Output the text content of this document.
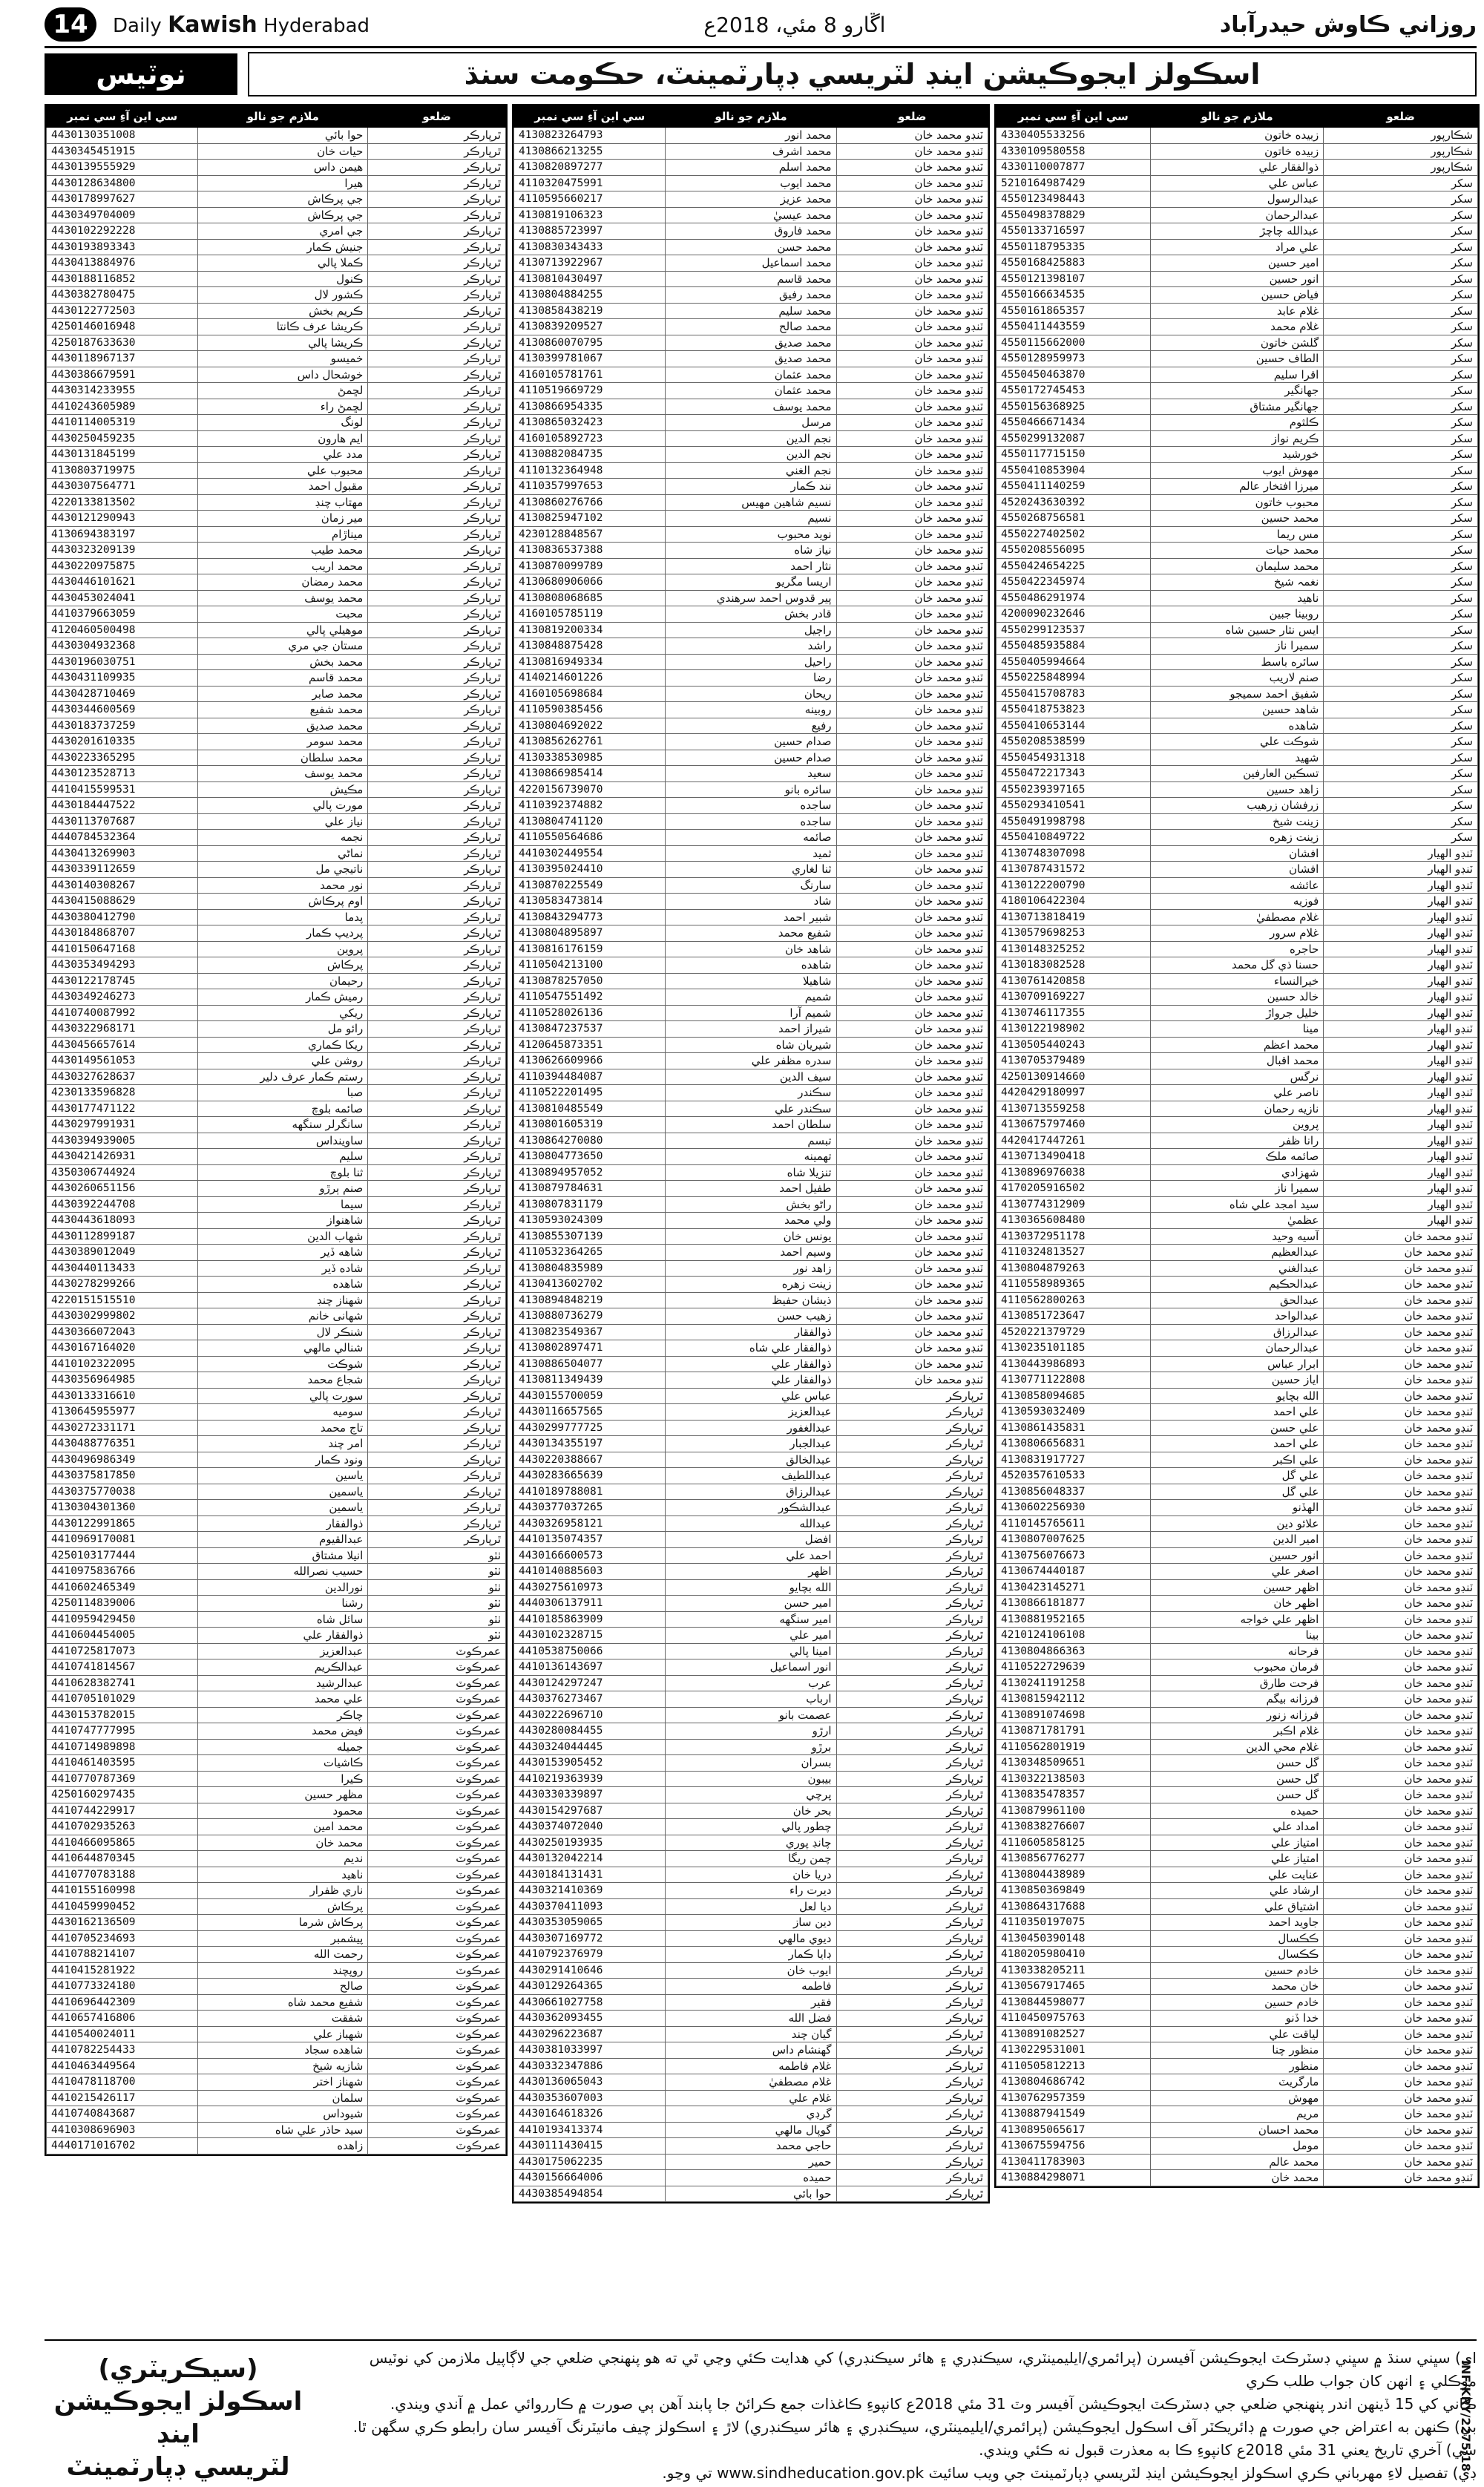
14	Daily Kawish Hyderabad	اڱارو 8 مئي، 2018ع	روزاني ڪاوش حيدرآباد
نوٽيس	اسڪولز ايجوڪيشن اينڊ لٽريسي ڊپارٽمينٽ، حڪومت سنڌ
سي اين آءِ سي نمبر	ملازم جو نالو	ضلعو
4330405533256	زبيده خاتون	شڪارپور
4330109580558	زبيده خاتون	شڪارپور
4330110007877	ذوالفقار علي	شڪارپور
5210164987429	عباس علي	سکر
4550123498443	عبدالرسول	سکر
4550498378829	عبدالرحمان	سکر
4550133716597	عبدالله چاچڙ	سکر
4550118795335	علي مراد	سکر
4550168425883	امير حسين	سکر
4550121398107	انور حسين	سکر
4550166634535	فياض حسين	سکر
4550161865357	غلام عابد	سکر
4550411443559	غلام محمد	سکر
4550115662000	گلشن خاتون	سکر
4550128959973	الطاف حسين	سکر
4550450463870	اقرا سليم	سکر
4550172745453	جهانگير	سکر
4550156368925	جهانگير مشتاق	سکر
4550466671434	ڪلثوم	سکر
4550299132087	ڪريم نواز	سکر
4550117715150	خورشيد	سکر
4550410853904	مهوش ايوب	سکر
4550411140259	ميرزا افتخار عالم	سکر
4520243630392	محبوب خاتون	سکر
4550268756581	محمد حسين	سکر
4550227402502	مس ريما	سکر
4550208556095	محمد حيات	سکر
4550424654225	محمد سليمان	سکر
4550422345974	نغمہ شيخ	سکر
4550486291974	ناهيد	سکر
4200090232646	روبينا جبين	سکر
4550299123537	ايس نثار حسين شاه	سکر
4550485935884	سميرا ناز	سکر
4550405994664	سائره باسط	سکر
4550225848994	صنم لاريب	سکر
4550415708783	شفيق احمد سميجو	سکر
4550418753823	شاهد حسين	سکر
4550410653144	شاهده	سکر
4550208538599	شوڪت علي	سکر
4550454931318	شهيد	سکر
4550472217343	تسڪين العارفين	سکر
4550239397165	زاهد حسين	سکر
4550293410541	زرفشان زرهيب	سکر
4550491998798	زينت شيخ	سکر
4550410849722	زينت زهره	سکر
4130748307098	افشان	ٽنڊو الهيار
4130787431572	افشان	ٽنڊو الهيار
4130122200790	عائشه	ٽنڊو الهيار
4180106422304	فوزيه	ٽنڊو الهيار
4130713818419	غلام مصطفيٰ	ٽنڊو الهيار
4130579698253	غلام سرور	ٽنڊو الهيار
4130148325252	حاجره	ٽنڊو الهيار
4130183082528	حسنا ذي گل محمد	ٽنڊو الهيار
4130761420858	خيرالنساء	ٽنڊو الهيار
4130709169227	خالد حسين	ٽنڊو الهيار
4130746117355	خليل جرواڙ	ٽنڊو الهيار
4130122198902	مينا	ٽنڊو الهيار
4130505440243	محمد اعظم	ٽنڊو الهيار
4130705379489	محمد اقبال	ٽنڊو الهيار
4250130914660	نرگس	ٽنڊو الهيار
4420429180997	ناصر علي	ٽنڊو الهيار
4130713559258	نازيه رحمان	ٽنڊو الهيار
4130675797460	پروين	ٽنڊو الهيار
4420417447261	رانا ظفر	ٽنڊو الهيار
4130713490418	صائمه ملڪ	ٽنڊو الهيار
4130896976038	شهزادي	ٽنڊو الهيار
4170205916502	سميرا ناز	ٽنڊو الهيار
4130774312909	سيد امجد علي شاه	ٽنڊو الهيار
4130365608480	عظميٰ	ٽنڊو الهيار
4130372951178	آسيه وحيد	ٽنڊو محمد خان
4110324813527	عبدالعظيم	ٽنڊو محمد خان
4130804879263	عبدالغني	ٽنڊو محمد خان
4110558989365	عبدالحڪيم	ٽنڊو محمد خان
4110562800263	عبدالحق	ٽنڊو محمد خان
4130851723647	عبدالواحد	ٽنڊو محمد خان
4520221379729	عبدالرزاق	ٽنڊو محمد خان
4130235101185	عبدالرحمان	ٽنڊو محمد خان
4130443986893	ابرار عباس	ٽنڊو محمد خان
4130771122808	اياز حسين	ٽنڊو محمد خان
4130858094685	الله بچايو	ٽنڊو محمد خان
4130593032409	علي احمد	ٽنڊو محمد خان
4130861435831	علي حسن	ٽنڊو محمد خان
4130806656831	علي احمد	ٽنڊو محمد خان
4130831917727	علي اڪبر	ٽنڊو محمد خان
4520357610533	علي گل	ٽنڊو محمد خان
4130856048337	علي گل	ٽنڊو محمد خان
4130602256930	الهڏنو	ٽنڊو محمد خان
4110145765611	علائو دين	ٽنڊو محمد خان
4130807007625	امير الدين	ٽنڊو محمد خان
4130756076673	انور حسين	ٽنڊو محمد خان
4130674440187	اصغر علي	ٽنڊو محمد خان
4130423145271	اظهر حسين	ٽنڊو محمد خان
4130866181877	اظهر خان	ٽنڊو محمد خان
4130881952165	اظهر علي خواجه	ٽنڊو محمد خان
4210124106108	بينا	ٽنڊو محمد خان
4130804866363	فرحانه	ٽنڊو محمد خان
4110522729639	فرمان محبوب	ٽنڊو محمد خان
4130241191258	فرحت طارق	ٽنڊو محمد خان
4130815942112	فرزانه بيگم	ٽنڊو محمد خان
4130891074698	فرزانه زنور	ٽنڊو محمد خان
4130871781791	غلام اڪبر	ٽنڊو محمد خان
4110562801919	غلام محي الدين	ٽنڊو محمد خان
4130348509651	گل حسن	ٽنڊو محمد خان
4130322138503	گل حسن	ٽنڊو محمد خان
4130835478357	گل حسن	ٽنڊو محمد خان
4130879961100	حميده	ٽنڊو محمد خان
4130838276607	امداد علي	ٽنڊو محمد خان
4110605858125	امتياز علي	ٽنڊو محمد خان
4130856776277	امتياز علي	ٽنڊو محمد خان
4130804438989	عنايت علي	ٽنڊو محمد خان
4130850369849	ارشاد علي	ٽنڊو محمد خان
4130864317688	اشتياق علي	ٽنڊو محمد خان
4110350197075	جاويد احمد	ٽنڊو محمد خان
4130450390148	ڪڪسال	ٽنڊو محمد خان
4180205980410	ڪڪسال	ٽنڊو محمد خان
4130338205211	خادم حسين	ٽنڊو محمد خان
4130567917465	خان محمد	ٽنڊو محمد خان
4130844598077	خادم حسين	ٽنڊو محمد خان
4110450975763	خدا ڏنو	ٽنڊو محمد خان
4130891082527	لياقت علي	ٽنڊو محمد خان
4130229531001	منظور چنا	ٽنڊو محمد خان
4110505812213	منظور	ٽنڊو محمد خان
4130804686742	مارگريٽ	ٽنڊو محمد خان
4130762957359	مهوش	ٽنڊو محمد خان
4130887941549	مريم	ٽنڊو محمد خان
4130895065617	محمد احسان	ٽنڊو محمد خان
4130675594756	مومل	ٽنڊو محمد خان
4130411783903	محمد عالم	ٽنڊو محمد خان
4130884298071	محمد خان	ٽنڊو محمد خان
سي اين آءِ سي نمبر	ملازم جو نالو	ضلعو
4130823264793	محمد انور	ٽنڊو محمد خان
4130866213255	محمد اشرف	ٽنڊو محمد خان
4130820897277	محمد اسلم	ٽنڊو محمد خان
4110320475991	محمد ايوب	ٽنڊو محمد خان
4110595660217	محمد عزيز	ٽنڊو محمد خان
4130819106323	محمد عيسيٰ	ٽنڊو محمد خان
4130885723997	محمد فاروق	ٽنڊو محمد خان
4130830343433	محمد حسن	ٽنڊو محمد خان
4130713922967	محمد اسماعيل	ٽنڊو محمد خان
4130810430497	محمد قاسم	ٽنڊو محمد خان
4130804884255	محمد رفيق	ٽنڊو محمد خان
4130858438219	محمد سليم	ٽنڊو محمد خان
4130839209527	محمد صالح	ٽنڊو محمد خان
4130860070795	محمد صديق	ٽنڊو محمد خان
4130399781067	محمد صديق	ٽنڊو محمد خان
4160105781761	محمد عثمان	ٽنڊو محمد خان
4110519669729	محمد عثمان	ٽنڊو محمد خان
4130866954335	محمد يوسف	ٽنڊو محمد خان
4130865032423	مرسل	ٽنڊو محمد خان
4160105892723	نجم الدين	ٽنڊو محمد خان
4130882084735	نجم الدين	ٽنڊو محمد خان
4110132364948	نجم الغني	ٽنڊو محمد خان
4110357997653	نند ڪمار	ٽنڊو محمد خان
4130860276766	نسيم شاهين مهيس	ٽنڊو محمد خان
4130825947102	نسيم	ٽنڊو محمد خان
4230128848567	نويد محبوب	ٽنڊو محمد خان
4130836537388	نياز شاه	ٽنڊو محمد خان
4130870099789	نثار احمد	ٽنڊو محمد خان
4130680906066	اريسا مگريو	ٽنڊو محمد خان
4130808068685	پير قدوس احمد سرهندي	ٽنڊو محمد خان
4160105785119	قادر بخش	ٽنڊو محمد خان
4130819200334	راڄيل	ٽنڊو محمد خان
4130848875428	راشد	ٽنڊو محمد خان
4130816949334	راحيل	ٽنڊو محمد خان
4140214601226	رضا	ٽنڊو محمد خان
4160105698684	ريحان	ٽنڊو محمد خان
4110590385456	روبينه	ٽنڊو محمد خان
4130804692022	رفيع	ٽنڊو محمد خان
4130856262761	صدام حسين	ٽنڊو محمد خان
4130338530985	صدام حسين	ٽنڊو محمد خان
4130866985414	سعيد	ٽنڊو محمد خان
4220156739070	سائره بانو	ٽنڊو محمد خان
4110392374882	ساجده	ٽنڊو محمد خان
4130804741120	ساجده	ٽنڊو محمد خان
4110550564686	صائمه	ٽنڊو محمد خان
4410302449554	ثميد	ٽنڊو محمد خان
4130395024410	ثنا لغاري	ٽنڊو محمد خان
4130870225549	سارنگ	ٽنڊو محمد خان
4130583473814	شاد	ٽنڊو محمد خان
4130843294773	شبير احمد	ٽنڊو محمد خان
4130804895897	شفيع محمد	ٽنڊو محمد خان
4130816176159	شاهد خان	ٽنڊو محمد خان
4110504213100	شاهده	ٽنڊو محمد خان
4130878257050	شاهيلا	ٽنڊو محمد خان
4110547551492	شميم	ٽنڊو محمد خان
4110528026136	شميم آرا	ٽنڊو محمد خان
4130847237537	شيراز احمد	ٽنڊو محمد خان
4120645873351	شيريان شاه	ٽنڊو محمد خان
4130626609966	سدره مظفر علي	ٽنڊو محمد خان
4110394484087	سيف الدين	ٽنڊو محمد خان
4110522201495	سڪندر	ٽنڊو محمد خان
4130810485549	سڪندر علي	ٽنڊو محمد خان
4130801605319	سلطان احمد	ٽنڊو محمد خان
4130864270080	تبسم	ٽنڊو محمد خان
4130804773650	تهمينه	ٽنڊو محمد خان
4130894957052	تنزيلا شاه	ٽنڊو محمد خان
4130879784631	طفيل احمد	ٽنڊو محمد خان
4130807831179	راڻو بخش	ٽنڊو محمد خان
4130593024309	ولي محمد	ٽنڊو محمد خان
4130855307139	يونس خان	ٽنڊو محمد خان
4110532364265	وسيم احمد	ٽنڊو محمد خان
4130804835989	زاهد نور	ٽنڊو محمد خان
4130413602702	زينت زهره	ٽنڊو محمد خان
4130894848219	ذيشان حفيظ	ٽنڊو محمد خان
4130880736279	زهيب حسن	ٽنڊو محمد خان
4130823549367	ذوالفقار	ٽنڊو محمد خان
4130802897471	ذوالفقار علي شاه	ٽنڊو محمد خان
4130886504077	ذوالفقار علي	ٽنڊو محمد خان
4130811349439	ذوالفقار علي	ٽنڊو محمد خان
4430155700059	عباس علي	ٿرپارڪر
4430116657565	عبدالعزيز	ٿرپارڪر
4430299777725	عبدالغفور	ٿرپارڪر
4430134355197	عبدالجبار	ٿرپارڪر
4430220388667	عبدالخالق	ٿرپارڪر
4430283665639	عبداللطيف	ٿرپارڪر
4410189788081	عبدالرزاق	ٿرپارڪر
4430377037265	عبدالشڪور	ٿرپارڪر
4430326958121	عبدالله	ٿرپارڪر
4410135074357	افضل	ٿرپارڪر
4430166600573	احمد علي	ٿرپارڪر
4410140885603	اظهر	ٿرپارڪر
4430275610973	الله بچايو	ٿرپارڪر
4440306137911	امير حسن	ٿرپارڪر
4410185863909	امير سنگهه	ٿرپارڪر
4430102328715	امير علي	ٿرپارڪر
4410538750066	امينا پالي	ٿرپارڪر
4410136143697	انور اسماعيل	ٿرپارڪر
4430124297247	عرب	ٿرپارڪر
4430376273467	ارباب	ٿرپارڪر
4430222696710	عصمت بانو	ٿرپارڪر
4430280084455	ارڙو	ٿرپارڪر
4430324044445	برڙو	ٿرپارڪر
4430153905452	بسران	ٿرپارڪر
4410219363939	بيبون	ٿرپارڪر
4430330339897	پرچي	ٿرپارڪر
4430154297687	بحر خان	ٿرپارڪر
4430374072040	چطور پالي	ٿرپارڪر
4430250193935	چانڊ پوري	ٿرپارڪر
4430132042214	چمن ريگا	ٿرپارڪر
4430184131431	دريا خان	ٿرپارڪر
4430321410369	ديرت راء	ٿرپارڪر
4430370411093	ديا لعل	ٿرپارڪر
4430353059065	دين ساز	ٿرپارڪر
4430307169772	ديوي مالهي	ٿرپارڪر
4410792376979	ڊايا ڪمار	ٿرپارڪر
4430291410646	ايوب خان	ٿرپارڪر
4430129264365	فاطمه	ٿرپارڪر
4430661027758	فقير	ٿرپارڪر
4430362093455	فضل الله	ٿرپارڪر
4430296223687	گيان چند	ٿرپارڪر
4430381033997	گهنشام داس	ٿرپارڪر
4430332347886	غلام فاطمه	ٿرپارڪر
4430136065043	غلام مصطفيٰ	ٿرپارڪر
4430353607003	غلام علي	ٿرپارڪر
4430164618326	گرڊي	ٿرپارڪر
4410193413374	گوپال مالهي	ٿرپارڪر
4430111430415	حاجي محمد	ٿرپارڪر
4430175062235	حمير	ٿرپارڪر
4430156664006	حميده	ٿرپارڪر
4430385494854	حوا بائي	ٿرپارڪر
سي اين آءِ سي نمبر	ملازم جو نالو	ضلعو
4430130351008	حوا بائي	ٿرپارڪر
4430345451915	حيات خان	ٿرپارڪر
4430139555929	هيمن داس	ٿرپارڪر
4430128634800	هيرا	ٿرپارڪر
4430178997627	جي پرڪاش	ٿرپارڪر
4430349704009	جي پرڪاش	ٿرپارڪر
4430102292228	جي امري	ٿرپارڪر
4430193893343	جنيش ڪمار	ٿرپارڪر
4430413884976	ڪملا پالي	ٿرپارڪر
4430188116852	ڪنول	ٿرپارڪر
4430382780475	ڪشور لال	ٿرپارڪر
4430122772503	ڪريم بخش	ٿرپارڪر
4250146016948	ڪريشا عرف ڪانتا	ٿرپارڪر
4250187633630	ڪريشا پالي	ٿرپارڪر
4430118967137	خميسو	ٿرپارڪر
4430386679591	خوشحال داس	ٿرپارڪر
4430314233955	لڇمڻ	ٿرپارڪر
4410243605989	لڇمڻ راء	ٿرپارڪر
4410114005319	لونگ	ٿرپارڪر
4430250459235	ايم هارون	ٿرپارڪر
4430131845199	مدد علي	ٿرپارڪر
4130803719975	محبوب علي	ٿرپارڪر
4430307564771	مقبول احمد	ٿرپارڪر
4220133813502	مهتاب چنڊ	ٿرپارڪر
4430121290943	مير زمان	ٿرپارڪر
4130694383197	ميناڙام	ٿرپارڪر
4430323209139	محمد طيب	ٿرپارڪر
4430220975875	محمد اريب	ٿرپارڪر
4430446101621	محمد رمضان	ٿرپارڪر
4430453024041	محمد يوسف	ٿرپارڪر
4410379663059	محبت	ٿرپارڪر
4120460500498	موهيلي پالي	ٿرپارڪر
4430304932368	مستان جي مري	ٿرپارڪر
4430196030751	محمد بخش	ٿرپارڪر
4430431109935	محمد قاسم	ٿرپارڪر
4430428710469	محمد صابر	ٿرپارڪر
4430344600569	محمد شفيع	ٿرپارڪر
4430183737259	محمد صديق	ٿرپارڪر
4430201610335	محمد سومر	ٿرپارڪر
4430223365295	محمد سلطان	ٿرپارڪر
4430123528713	محمد يوسف	ٿرپارڪر
4410415599531	مڪيش	ٿرپارڪر
4430184447522	مورت پالي	ٿرپارڪر
4430113707687	نياز علي	ٿرپارڪر
4440784532364	نجمه	ٿرپارڪر
4430413269903	نماڻي	ٿرپارڪر
4430339112659	ناتيجي مل	ٿرپارڪر
4430140308267	نور محمد	ٿرپارڪر
4430415088629	اوم پرڪاش	ٿرپارڪر
4430380412790	پدما	ٿرپارڪر
4430184868707	پرديپ ڪمار	ٿرپارڪر
4410150647168	پروين	ٿرپارڪر
4430353494293	پرڪاش	ٿرپارڪر
4430122178745	رحيمان	ٿرپارڪر
4430349246273	رميش ڪمار	ٿرپارڪر
4410740087992	ريکي	ٿرپارڪر
4430322968171	رائو مل	ٿرپارڪر
4430456657614	ريکا ڪماري	ٿرپارڪر
4430149561053	روشن علي	ٿرپارڪر
4430327628637	رستم ڪمار عرف دلير	ٿرپارڪر
4230133596828	صبا	ٿرپارڪر
4430177471122	صائمه بلوچ	ٿرپارڪر
4430297991931	سانگرلر سنگهه	ٿرپارڪر
4430394939005	ساوينداس	ٿرپارڪر
4430421426931	سليم	ٿرپارڪر
4350306744924	ثنا بلوچ	ٿرپارڪر
4430260651156	صنم ٻرڙو	ٿرپارڪر
4430392244708	سيما	ٿرپارڪر
4430443618093	شاهنواز	ٿرپارڪر
4430112899187	شهاب الدين	ٿرپارڪر
4430389012049	شاهه ڏير	ٿرپارڪر
4430440113433	شاده ڏير	ٿرپارڪر
4430278299266	شاهده	ٿرپارڪر
4220151515510	شهناز چنڊ	ٿرپارڪر
4430302999802	شهانی خانم	ٿرپارڪر
4430366072043	شنڪر لال	ٿرپارڪر
4430167164020	شنالي مالهي	ٿرپارڪر
4410102322095	شوڪت	ٿرپارڪر
4430356964985	شجاع محمد	ٿرپارڪر
4430133316610	سورت پالي	ٿرپارڪر
4130645955977	سوميه	ٿرپارڪر
4430272331171	تاج محمد	ٿرپارڪر
4430488776351	امر چند	ٿرپارڪر
4430496986349	ونود ڪمار	ٿرپارڪر
4430375817850	ياسين	ٿرپارڪر
4430375770038	ياسمين	ٿرپارڪر
4130304301360	ياسمين	ٿرپارڪر
4430122991865	ذوالفقار	ٿرپارڪر
4410969170081	عبدالقيوم	ٿرپارڪر
4250103177444	انيلا مشتاق	ٺٽو
4410975836766	حسيب نصرالله	ٺٽو
4410602465349	نورالدين	ٺٽو
4250114839006	رشنا	ٺٽو
4410959429450	سائل شاه	ٺٽو
4410604454005	ذوالفقار علي	ٺٽو
4410725817073	عبدالعزيز	عمرڪوٽ
4410741814567	عبدالڪريم	عمرڪوٽ
4410628382741	عبدالرشيد	عمرڪوٽ
4410705101029	علي محمد	عمرڪوٽ
4430153782015	چاڪر	عمرڪوٽ
4410747777995	فيض محمد	عمرڪوٽ
4410714989898	جميله	عمرڪوٽ
4410461403595	ڪاشيات	عمرڪوٽ
4410770787369	ڪيرا	عمرڪوٽ
4250160297435	مظهر حسين	عمرڪوٽ
4410744229917	محمود	عمرڪوٽ
4410702935263	محمد امين	عمرڪوٽ
4410466095865	محمد خان	عمرڪوٽ
4410644870345	نديم	عمرڪوٽ
4410770783188	ناهيد	عمرڪوٽ
4410155160998	ناري ظفرار	عمرڪوٽ
4410459990452	پرڪاش	عمرڪوٽ
4430162136509	پرڪاش شرما	عمرڪوٽ
4410705234693	پيشمبر	عمرڪوٽ
4410788214107	رحمت الله	عمرڪوٽ
4410415281922	روپچند	عمرڪوٽ
4410773324180	صالح	عمرڪوٽ
4410696442309	شفيع محمد شاه	عمرڪوٽ
4410657416806	شفقت	عمرڪوٽ
4410540024011	شهباز علي	عمرڪوٽ
4410782254433	شاهده سجاد	عمرڪوٽ
4410463449564	شازيه شيخ	عمرڪوٽ
4410478118700	شهناز اختر	عمرڪوٽ
4410215426117	سلمان	عمرڪوٽ
4410740843687	شيوداس	عمرڪوٽ
4410308696903	سيد حاذر علي شاه	عمرڪوٽ
4440171016702	زاهده	عمرڪوٽ
اي) سڀني سنڌ ۾ سڀني ڊسٽرڪٽ ايجوڪيشن آفيسرن (پرائمري/ايليمينٽري، سيڪنڊري ۽ هائر سيڪنڊري) کي هدايت ڪئي وڃي ٿي ته هو پنهنجي ضلعي جي لاڳاپيل ملازمن کي نوٽيس موڪلي ۽ انهن کان جواب طلب ڪري
ڪاني کي 15 ڏينهن اندر پنهنجي ضلعي جي ڊسٽرڪٽ ايجوڪيشن آفيسر وٽ 31 مئي 2018ع کانپوءِ ڪاغذات جمع ڪرائڻ جا پابند آهن ٻي صورت ۾ ڪارروائي عمل ۾ آندي ويندي.
بي) ڪنهن به اعتراض جي صورت ۾ ڊائريڪٽر آف اسڪول ايجوڪيشن (پرائمري/ايليمينٽري، سيڪنڊري ۽ هائر سيڪنڊري) لاڙ ۽ اسڪولز چيف مانيٽرنگ آفيسر سان رابطو ڪري سگهن ٿا.
سي) آخري تاريخ يعني 31 مئي 2018ع کانپوءِ ڪا به معذرت قبول نه ڪئي ويندي.
ڊي) تفصيل لاءِ مهرباني ڪري اسڪولز ايجوڪيشن اينڊ لٽريسي ڊپارٽمينٽ جي ويب سائيٽ www.sindheducation.gov.pk تي وڃو.
(سيڪريٽري)
اسڪولز ايجوڪيشن اينڊ
لٽريسي ڊپارٽمينٽ	INF/KRY/2275/18
